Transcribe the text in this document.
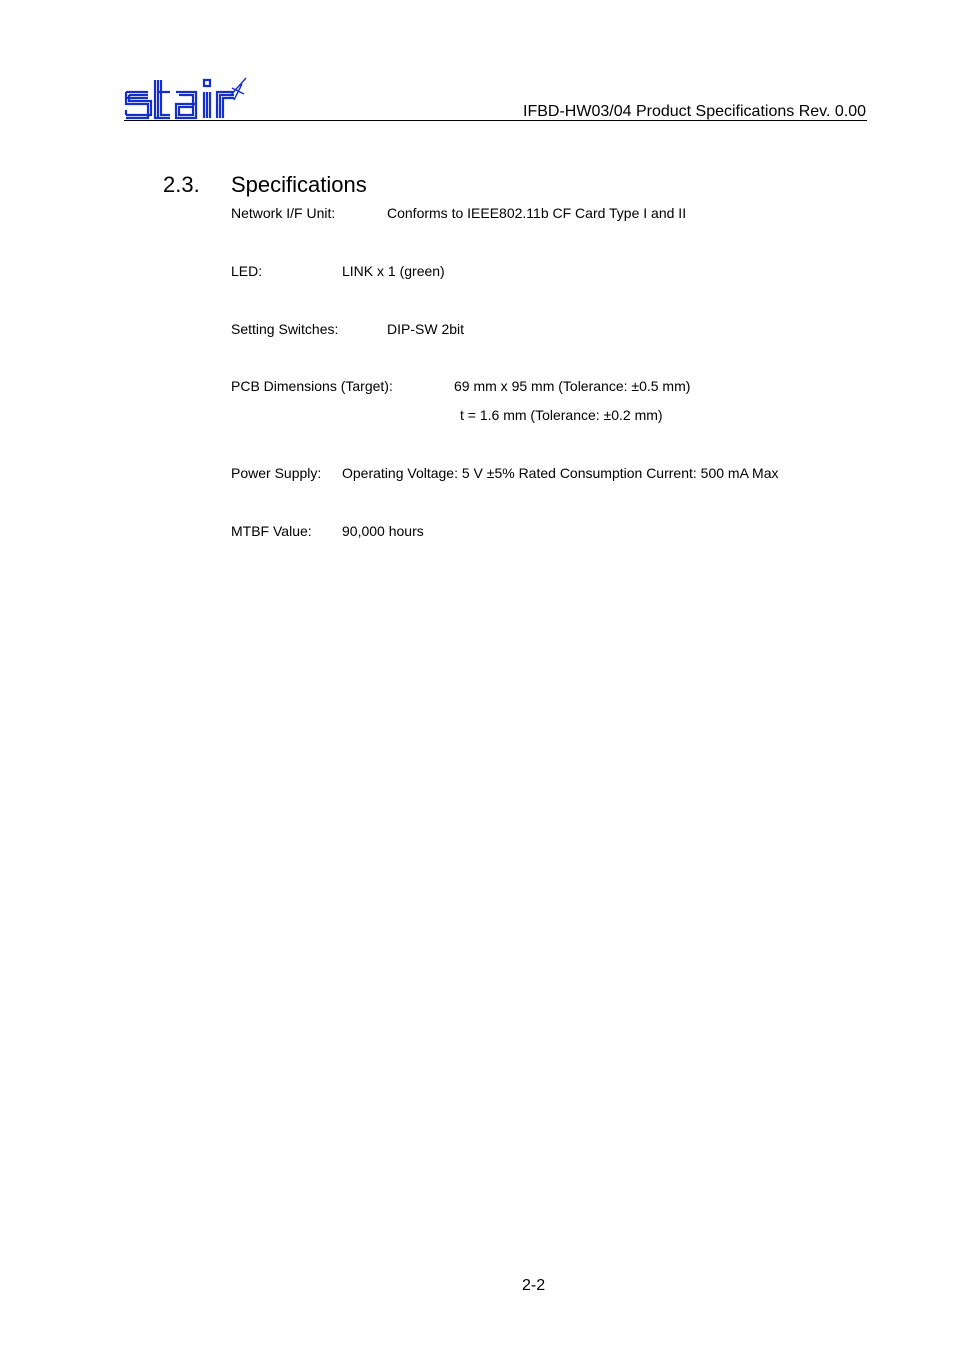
IFBD-HW03/04 Product Specifications Rev. 0.00
2.3. Specifications
Network I/F Unit:	Conforms to IEEE802.11b CF Card Type I and II
LED:	LINK x 1 (green)
Setting Switches:	DIP-SW 2bit
PCB Dimensions (Target):	69 mm x 95 mm (Tolerance: ±0.5 mm)
t = 1.6 mm (Tolerance: ±0.2 mm)
Power Supply: Operating Voltage: 5 V ±5% Rated Consumption Current: 500 mA Max
MTBF Value: 90,000 hours
2-2
